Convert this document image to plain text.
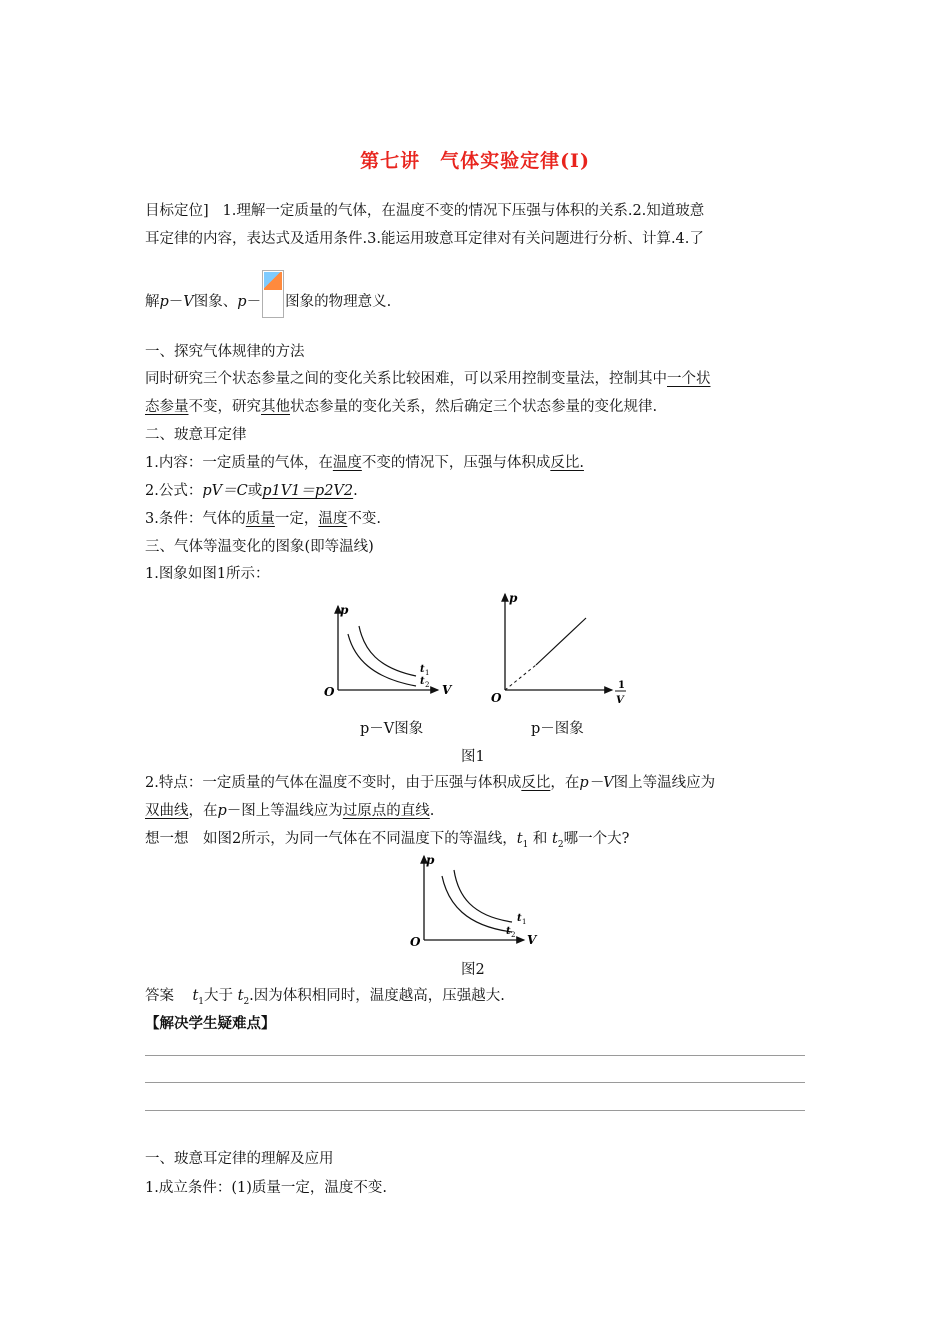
第七讲　气体实验定律(Ⅰ)
目标定位] 1.理解一定质量的气体，在温度不变的情况下压强与体积的关系.2.知道玻意
耳定律的内容，表达式及适用条件.3.能运用玻意耳定律对有关问题进行分析、计算.4.了
解p－V图象、p－ 图象的物理意义.
一、探究气体规律的方法
同时研究三个状态参量之间的变化关系比较困难，可以采用控制变量法，控制其中一个状
态参量不变，研究其他状态参量的变化关系，然后确定三个状态参量的变化规律.
二、玻意耳定律
1.内容：一定质量的气体，在温度不变的情况下，压强与体积成反比.
2.公式：pV＝C或p1V1＝p2V2.
3.条件：气体的质量一定，温度不变.
三、气体等温变化的图象(即等温线)
1.图象如图1所示：
p
V
O
t 1
t 2
p
O
1
V
p－V图象	p－图象
图1
2.特点：一定质量的气体在温度不变时，由于压强与体积成反比，在p－V图上等温线应为
双曲线，在p－图上等温线应为过原点的直线.
想一想　如图2所示，为同一气体在不同温度下的等温线，$t_1$ 和 $t_2$哪一个大?
p
V
O
t 1
t 2
图2
答案 $t_1$大于 $t_2$.因为体积相同时，温度越高，压强越大.
【解决学生疑难点】
一、玻意耳定律的理解及应用
1.成立条件：(1)质量一定，温度不变.
